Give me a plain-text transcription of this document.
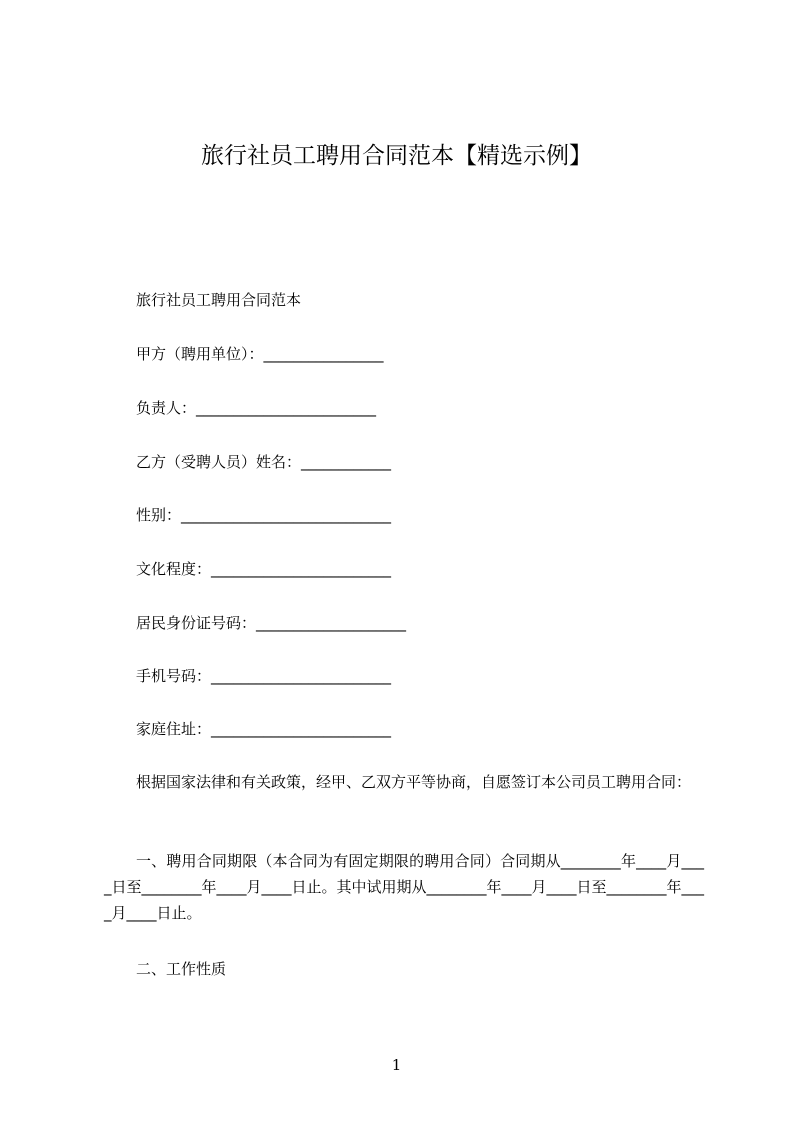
旅行社员工聘用合同范本【精选示例】
旅行社员工聘用合同范本
甲方（聘用单位）：________________
负责人：________________________
乙方（受聘人员）姓名：____________
性别：____________________________
文化程度：________________________
居民身份证号码：____________________
手机号码：________________________
家庭住址：________________________
根据国家法律和有关政策，经甲、乙双方平等协商，自愿签订本公司员工聘用合同：
一、聘用合同期限（本合同为有固定期限的聘用合同）合同期从________年____月____日至________年____月____日止。其中试用期从________年____月____日至________年____月____日止。
二、工作性质
1
